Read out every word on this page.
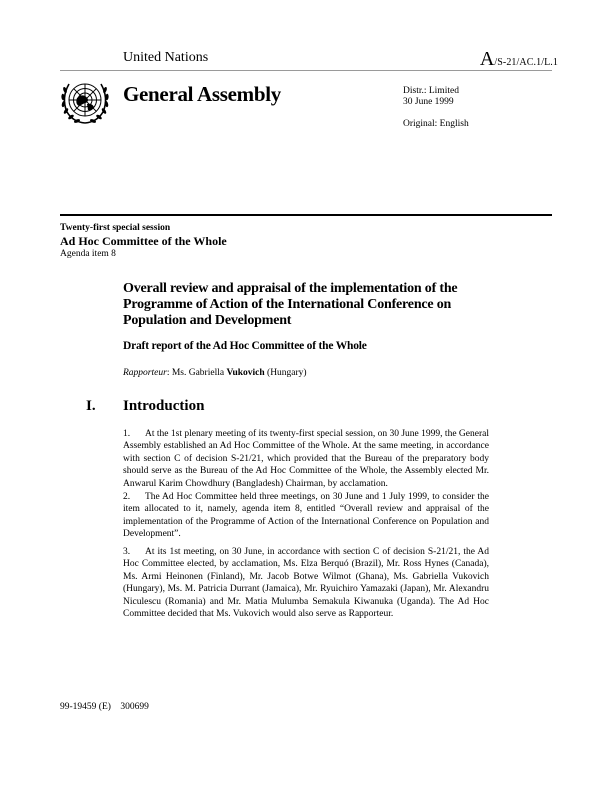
United Nations	A/S-21/AC.1/L.1
General Assembly	Distr.: Limited

30 June 1999

Original: English

Twenty-first special session
Ad Hoc Committee of the Whole
Agenda item 8
Overall review and appraisal of the implementation of the Programme of Action of the International Conference on Population and Development
Draft report of the Ad Hoc Committee of the Whole
Rapporteur: Ms. Gabriella Vukovich (Hungary)
I. Introduction
1. At the 1st plenary meeting of its twenty-first special session, on 30 June 1999, the General Assembly established an Ad Hoc Committee of the Whole. At the same meeting, in accordance with section C of decision S-21/21, which provided that the Bureau of the preparatory body should serve as the Bureau of the Ad Hoc Committee of the Whole, the Assembly elected Mr. Anwarul Karim Chowdhury (Bangladesh) Chairman, by acclamation.
2. The Ad Hoc Committee held three meetings, on 30 June and 1 July 1999, to consider the item allocated to it, namely, agenda item 8, entitled “Overall review and appraisal of the implementation of the Programme of Action of the International Conference on Population and Development”.
3. At its 1st meeting, on 30 June, in accordance with section C of decision S-21/21, the Ad Hoc Committee elected, by acclamation, Ms. Elza Berquó (Brazil), Mr. Ross Hynes (Canada), Ms. Armi Heinonen (Finland), Mr. Jacob Botwe Wilmot (Ghana), Ms. Gabriella Vukovich (Hungary), Ms. M. Patricia Durrant (Jamaica), Mr. Ryuichiro Yamazaki (Japan), Mr. Alexandru Niculescu (Romania) and Mr. Matia Mulumba Semakula Kiwanuka (Uganda). The Ad Hoc Committee decided that Ms. Vukovich would also serve as Rapporteur.
99-19459 (E) 300699
